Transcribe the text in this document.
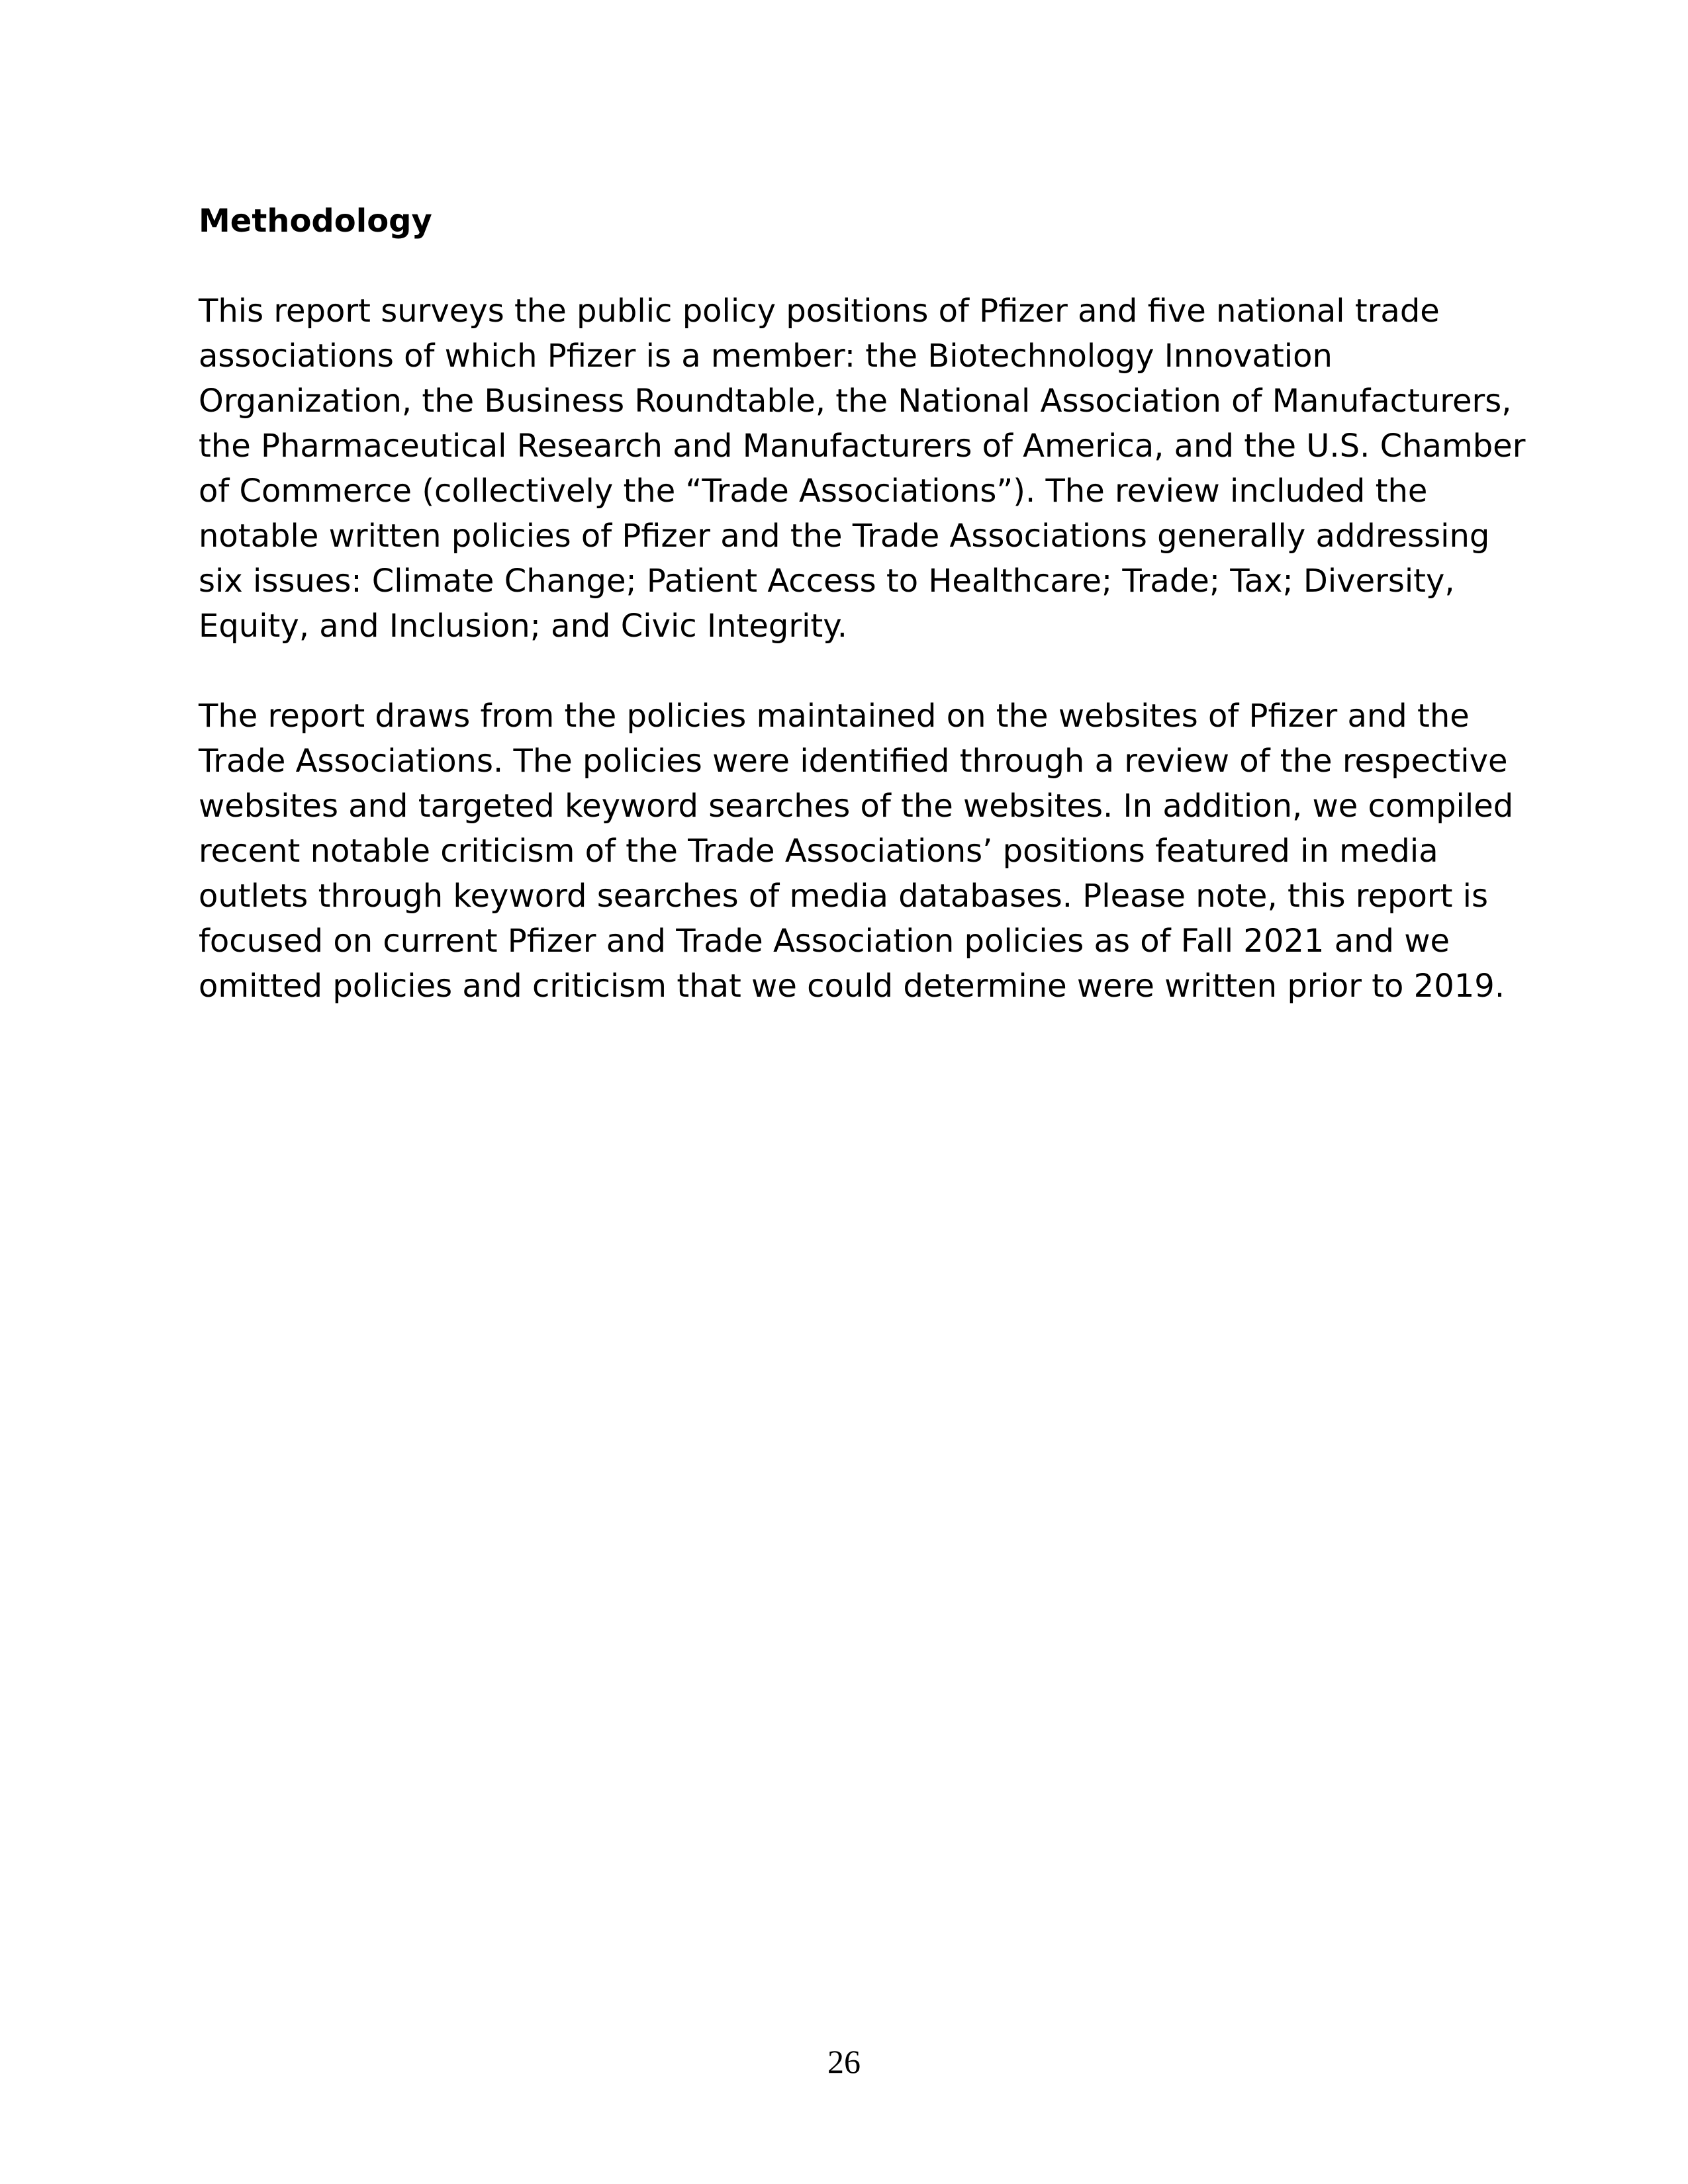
Methodology
This report surveys the public policy positions of Pfizer and five national trade
associations of which Pfizer is a member: the Biotechnology Innovation
Organization, the Business Roundtable, the National Association of Manufacturers,
the Pharmaceutical Research and Manufacturers of America, and the U.S. Chamber
of Commerce (collectively the “Trade Associations”). The review included the
notable written policies of Pfizer and the Trade Associations generally addressing
six issues: Climate Change; Patient Access to Healthcare; Trade; Tax; Diversity,
Equity, and Inclusion; and Civic Integrity.
The report draws from the policies maintained on the websites of Pfizer and the
Trade Associations. The policies were identified through a review of the respective
websites and targeted keyword searches of the websites. In addition, we compiled
recent notable criticism of the Trade Associations’ positions featured in media
outlets through keyword searches of media databases. Please note, this report is
focused on current Pfizer and Trade Association policies as of Fall 2021 and we
omitted policies and criticism that we could determine were written prior to 2019.
26
